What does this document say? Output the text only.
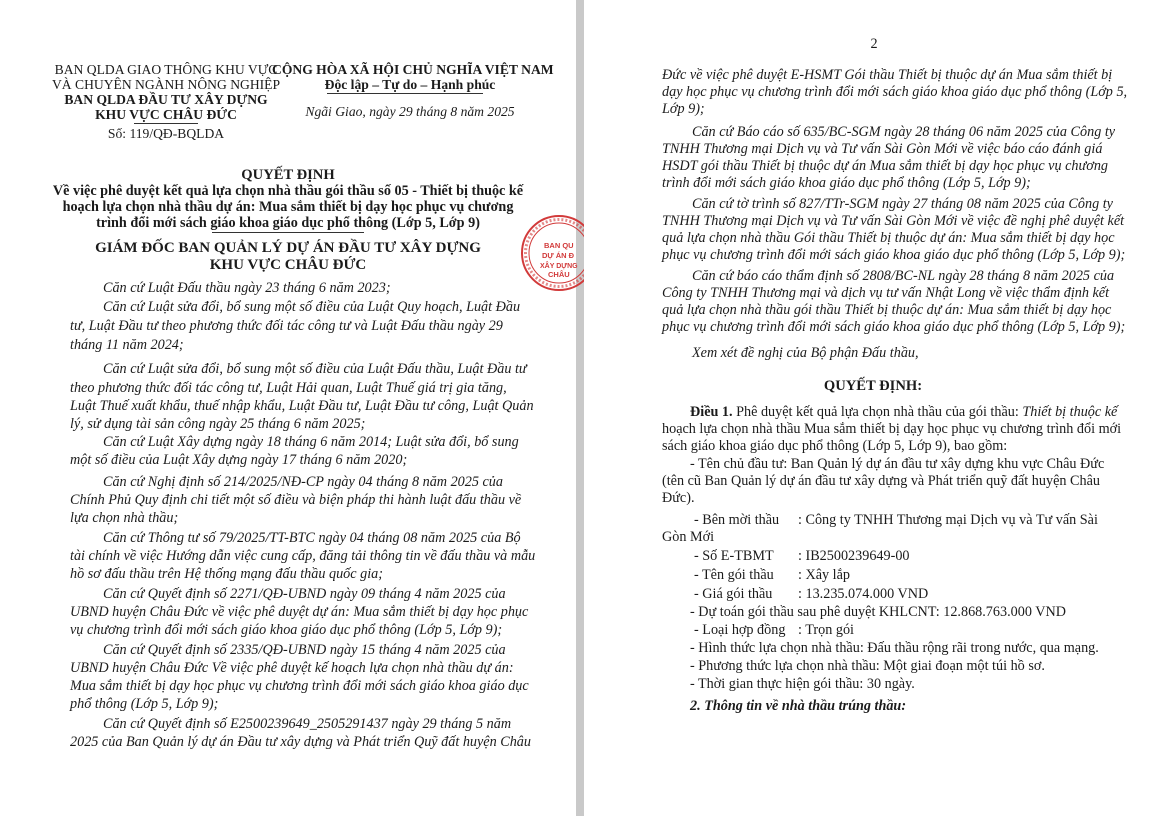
BAN QLDA GIAO THÔNG KHU VỰC
VÀ CHUYÊN NGÀNH NÔNG NGHIỆP
BAN QLDA ĐẦU TƯ XÂY DỰNG
KHU VỰC CHÂU ĐỨC
Số: 119/QĐ-BQLDA
CỘNG HÒA XÃ HỘI CHỦ NGHĨA VIỆT NAM
Độc lập – Tự do – Hạnh phúc
Ngãi Giao, ngày 29 tháng 8 năm 2025
QUYẾT ĐỊNH
Về việc phê duyệt kết quả lựa chọn nhà thầu gói thầu số 05 - Thiết bị thuộc kế
hoạch lựa chọn nhà thầu dự án: Mua sắm thiết bị dạy học phục vụ chương
trình đổi mới sách giáo khoa giáo dục phổ thông (Lớp 5, Lớp 9)
GIÁM ĐỐC BAN QUẢN LÝ DỰ ÁN ĐẦU TƯ XÂY DỰNG
KHU VỰC CHÂU ĐỨC
Căn cứ Luật Đấu thầu ngày 23 tháng 6 năm 2023;
Căn cứ Luật sửa đổi, bổ sung một số điều của Luật Quy hoạch, Luật Đầu
tư, Luật Đầu tư theo phương thức đối tác công tư và Luật Đấu thầu ngày 29
tháng 11 năm 2024;
Căn cứ Luật sửa đổi, bổ sung một số điều của Luật Đấu thầu, Luật Đầu tư
theo phương thức đối tác công tư, Luật Hải quan, Luật Thuế giá trị gia tăng,
Luật Thuế xuất khẩu, thuế nhập khẩu, Luật Đầu tư, Luật Đầu tư công, Luật Quản
lý, sử dụng tài sản công ngày 25 tháng 6 năm 2025;
Căn cứ Luật Xây dựng ngày 18 tháng 6 năm 2014; Luật sửa đổi, bổ sung
một số điều của Luật Xây dựng ngày 17 tháng 6 năm 2020;
Căn cứ Nghị định số 214/2025/NĐ-CP ngày 04 tháng 8 năm 2025 của
Chính Phủ Quy định chi tiết một số điều và biện pháp thi hành luật đấu thầu về
lựa chọn nhà thầu;
Căn cứ Thông tư số 79/2025/TT-BTC ngày 04 tháng 08 năm 2025 của Bộ
tài chính về việc Hướng dẫn việc cung cấp, đăng tải thông tin về đấu thầu và mẫu
hồ sơ đấu thầu trên Hệ thống mạng đấu thầu quốc gia;
Căn cứ Quyết định số 2271/QĐ-UBND ngày 09 tháng 4 năm 2025 của
UBND huyện Châu Đức về việc phê duyệt dự án: Mua sắm thiết bị dạy học phục
vụ chương trình đổi mới sách giáo khoa giáo dục phổ thông (Lớp 5, Lớp 9);
Căn cứ Quyết định số 2335/QĐ-UBND ngày 15 tháng 4 năm 2025 của
UBND huyện Châu Đức Về việc phê duyệt kế hoạch lựa chọn nhà thầu dự án:
Mua sắm thiết bị dạy học phục vụ chương trình đổi mới sách giáo khoa giáo dục
phổ thông (Lớp 5, Lớp 9);
Căn cứ Quyết định số E2500239649_2505291437 ngày 29 tháng 5 năm
2025 của Ban Quản lý dự án Đầu tư xây dựng và Phát triển Quỹ đất huyện Châu
BAN QU
DỰ ÁN Đ
XÂY DỰNG
CHÂU
2
Đức về việc phê duyệt E-HSMT Gói thầu Thiết bị thuộc dự án Mua sắm thiết bị
dạy học phục vụ chương trình đổi mới sách giáo khoa giáo dục phổ thông (Lớp 5,
Lớp 9);
Căn cứ Báo cáo số 635/BC-SGM ngày 28 tháng 06 năm 2025 của Công ty
TNHH Thương mại Dịch vụ và Tư vấn Sài Gòn Mới về việc báo cáo đánh giá
HSDT gói thầu Thiết bị thuộc dự án Mua sắm thiết bị dạy học phục vụ chương
trình đổi mới sách giáo khoa giáo dục phổ thông (Lớp 5, Lớp 9);
Căn cứ tờ trình số 827/TTr-SGM ngày 27 tháng 08 năm 2025 của Công ty
TNHH Thương mại Dịch vụ và Tư vấn Sài Gòn Mới về việc đề nghị phê duyệt kết
quả lựa chọn nhà thầu Gói thầu Thiết bị thuộc dự án: Mua sắm thiết bị dạy học
phục vụ chương trình đổi mới sách giáo khoa giáo dục phổ thông (Lớp 5, Lớp 9);
Căn cứ báo cáo thẩm định số 2808/BC-NL ngày 28 tháng 8 năm 2025 của
Công ty TNHH Thương mại và dịch vụ tư vấn Nhật Long về việc thẩm định kết
quả lựa chọn nhà thầu gói thầu Thiết bị thuộc dự án: Mua sắm thiết bị dạy học
phục vụ chương trình đổi mới sách giáo khoa giáo dục phổ thông (Lớp 5, Lớp 9);
Xem xét đề nghị của Bộ phận Đấu thầu,
QUYẾT ĐỊNH:
Điều 1. Phê duyệt kết quả lựa chọn nhà thầu của gói thầu: Thiết bị thuộc kế
hoạch lựa chọn nhà thầu Mua sắm thiết bị dạy học phục vụ chương trình đổi mới
sách giáo khoa giáo dục phổ thông (Lớp 5, Lớp 9), bao gồm:
- Tên chủ đầu tư: Ban Quản lý dự án đầu tư xây dựng khu vực Châu Đức
(tên cũ Ban Quản lý dự án đầu tư xây dựng và Phát triển quỹ đất huyện Châu
Đức).
- Bên mời thầu : Công ty TNHH Thương mại Dịch vụ và Tư vấn Sài
Gòn Mới
- Số E-TBMT : IB2500239649-00
- Tên gói thầu : Xây lắp
- Giá gói thầu : 13.235.074.000 VND
- Dự toán gói thầu sau phê duyệt KHLCNT: 12.868.763.000 VND
- Loại hợp đồng : Trọn gói
- Hình thức lựa chọn nhà thầu: Đấu thầu rộng rãi trong nước, qua mạng.
- Phương thức lựa chọn nhà thầu: Một giai đoạn một túi hồ sơ.
- Thời gian thực hiện gói thầu: 30 ngày.
2. Thông tin về nhà thầu trúng thầu:
